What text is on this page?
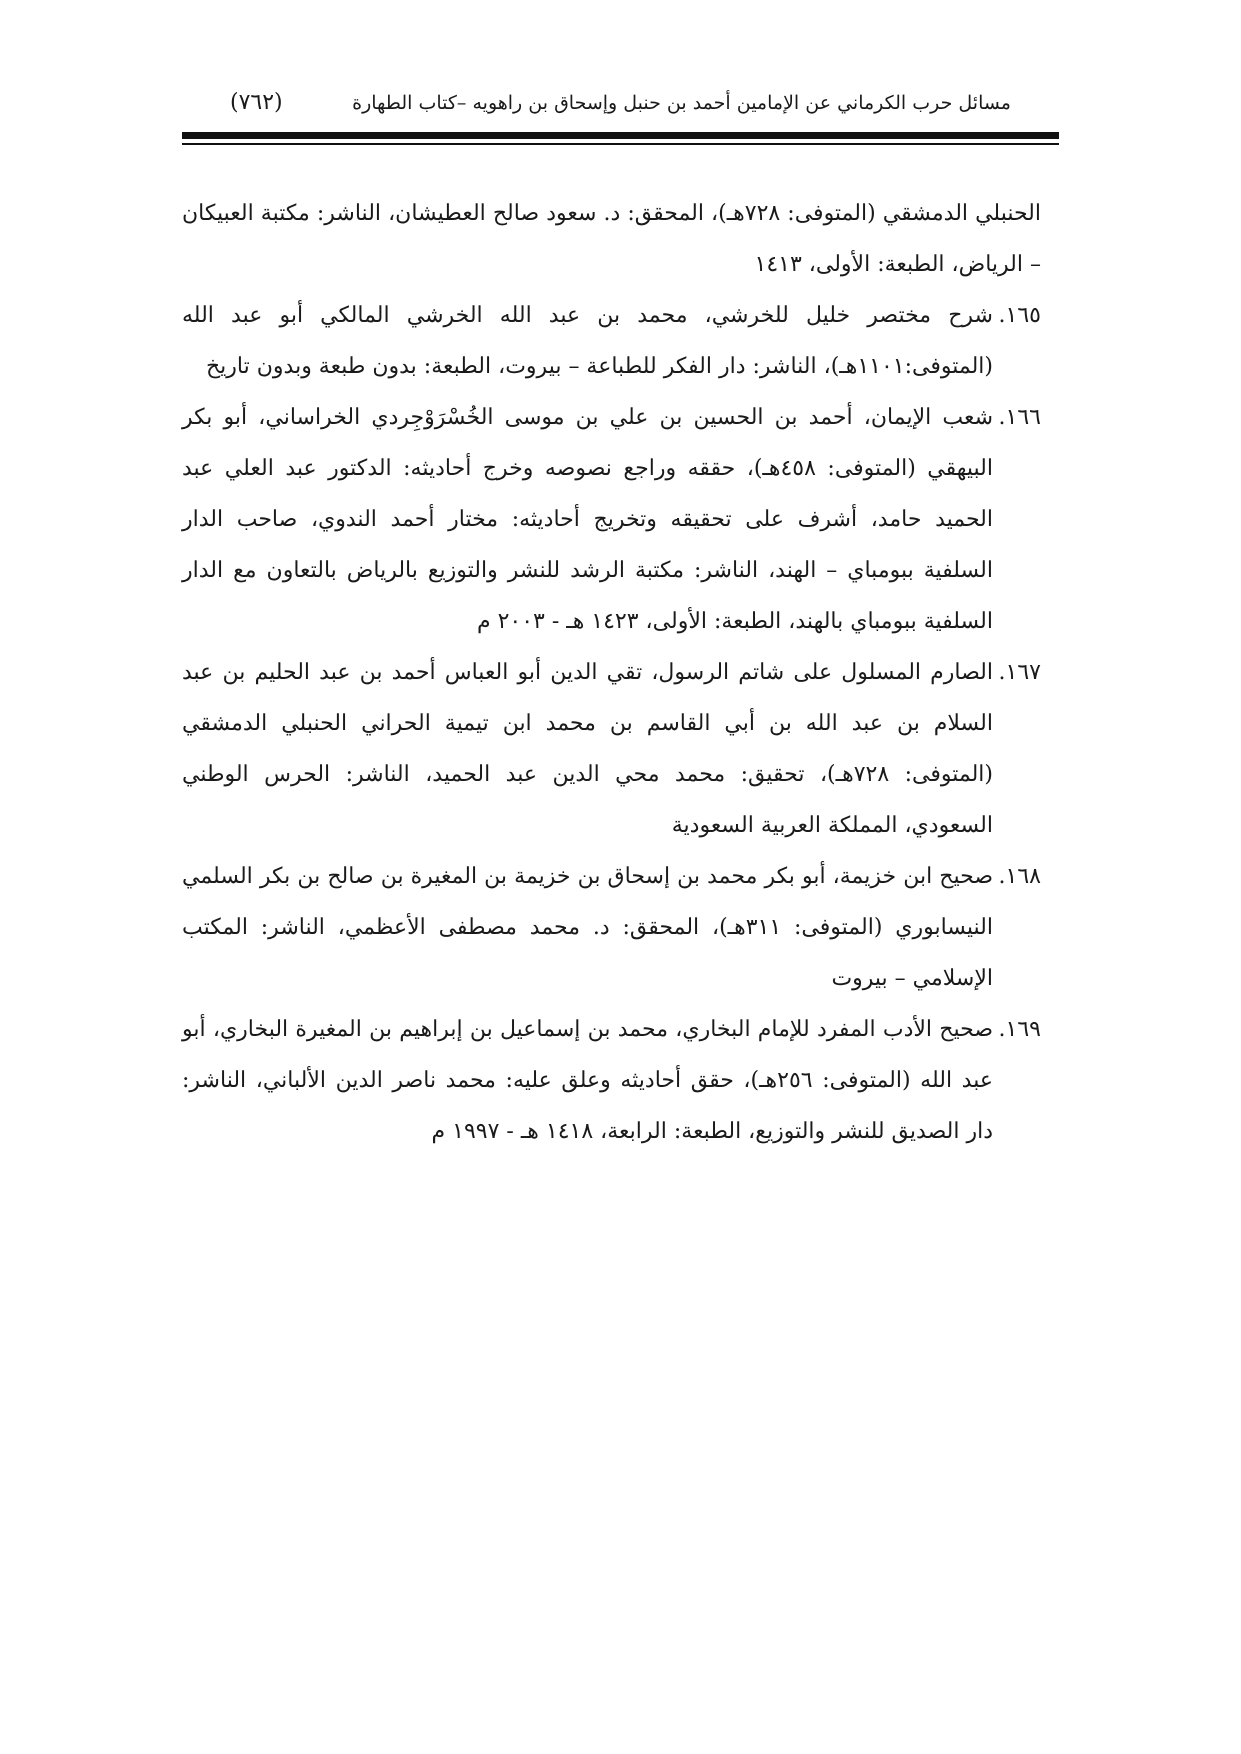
مسائل حرب الكرماني عن الإمامين أحمد بن حنبل وإسحاق بن راهويه –كتاب الطهارة
(٧٦٢)

الحنبلي الدمشقي (المتوفى: ٧٢٨هـ)، المحقق: د. سعود صالح العطيشان، الناشر: مكتبة العبيكان – الرياض، الطبعة: الأولى، ١٤١٣

١٦٥.شرح مختصر خليل للخرشي، محمد بن عبد الله الخرشي المالكي أبو عبد الله (المتوفى:١١٠١هـ)، الناشر: دار الفكر للطباعة – بيروت، الطبعة: بدون طبعة وبدون تاريخ

١٦٦.شعب الإيمان، أحمد بن الحسين بن علي بن موسى الخُسْرَوْجِردي الخراساني، أبو بكر البيهقي (المتوفى: ٤٥٨هـ)، حققه وراجع نصوصه وخرج أحاديثه: الدكتور عبد العلي عبد الحميد حامد، أشرف على تحقيقه وتخريج أحاديثه: مختار أحمد الندوي، صاحب الدار السلفية ببومباي – الهند، الناشر: مكتبة الرشد للنشر والتوزيع بالرياض بالتعاون مع الدار السلفية ببومباي بالهند، الطبعة: الأولى، ١٤٢٣ هـ - ٢٠٠٣ م

١٦٧.الصارم المسلول على شاتم الرسول، تقي الدين أبو العباس أحمد بن عبد الحليم بن عبد السلام بن عبد الله بن أبي القاسم بن محمد ابن تيمية الحراني الحنبلي الدمشقي (المتوفى: ٧٢٨هـ)، تحقيق: محمد محي الدين عبد الحميد، الناشر: الحرس الوطني السعودي، المملكة العربية السعودية

١٦٨.صحيح ابن خزيمة، أبو بكر محمد بن إسحاق بن خزيمة بن المغيرة بن صالح بن بكر السلمي النيسابوري (المتوفى: ٣١١هـ)، المحقق: د. محمد مصطفى الأعظمي، الناشر: المكتب الإسلامي – بيروت

١٦٩.صحيح الأدب المفرد للإمام البخاري، محمد بن إسماعيل بن إبراهيم بن المغيرة البخاري، أبو عبد الله (المتوفى: ٢٥٦هـ)، حقق أحاديثه وعلق عليه: محمد ناصر الدين الألباني، الناشر: دار الصديق للنشر والتوزيع، الطبعة: الرابعة، ١٤١٨ هـ - ١٩٩٧ م
